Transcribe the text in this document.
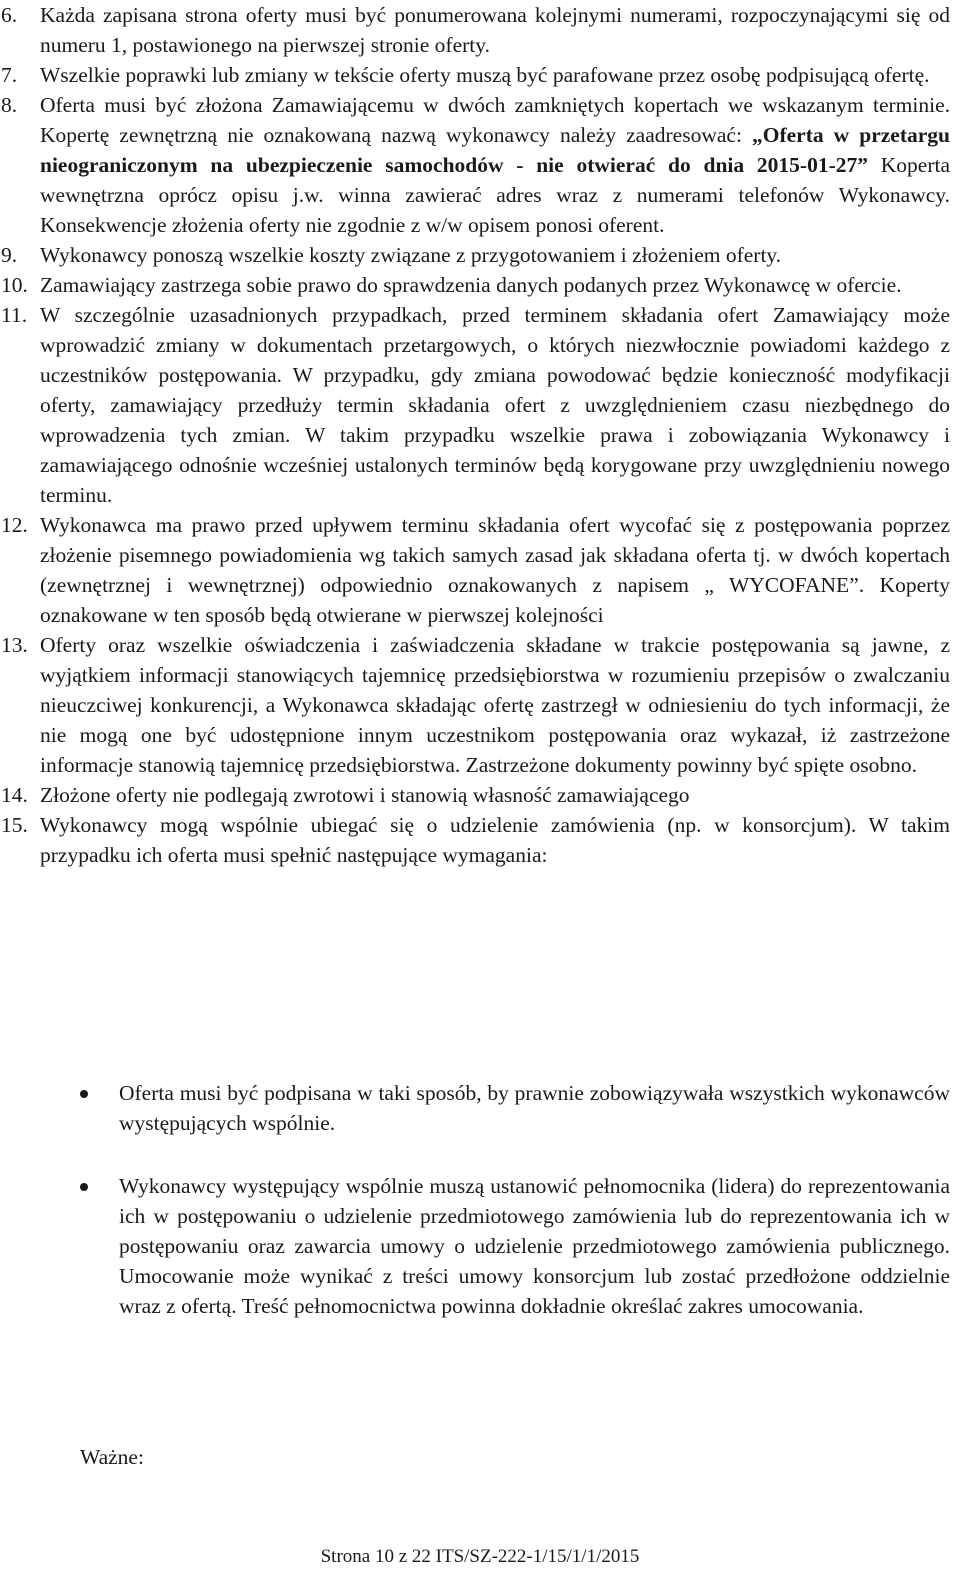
6. Każda zapisana strona oferty musi być ponumerowana kolejnymi numerami, rozpoczynającymi się od numeru 1, postawionego na pierwszej stronie oferty.
7. Wszelkie poprawki lub zmiany w tekście oferty muszą być parafowane przez osobę podpisującą ofertę.
8. Oferta musi być złożona Zamawiającemu w dwóch zamkniętych kopertach we wskazanym terminie. Kopertę zewnętrzną nie oznakowaną nazwą wykonawcy należy zaadresować: „Oferta w przetargu nieograniczonym na ubezpieczenie samochodów - nie otwierać do dnia 2015-01-27” Koperta wewnętrzna oprócz opisu j.w. winna zawierać adres wraz z numerami telefonów Wykonawcy. Konsekwencje złożenia oferty nie zgodnie z w/w opisem ponosi oferent.
9. Wykonawcy ponoszą wszelkie koszty związane z przygotowaniem i złożeniem oferty.
10. Zamawiający zastrzega sobie prawo do sprawdzenia danych podanych przez Wykonawcę w ofercie.
11. W szczególnie uzasadnionych przypadkach, przed terminem składania ofert Zamawiający może wprowadzić zmiany w dokumentach przetargowych, o których niezwłocznie powiadomi każdego z uczestników postępowania. W przypadku, gdy zmiana powodować będzie konieczność modyfikacji oferty, zamawiający przedłuży termin składania ofert z uwzględnieniem czasu niezbędnego do wprowadzenia tych zmian. W takim przypadku wszelkie prawa i zobowiązania Wykonawcy i zamawiającego odnośnie wcześniej ustalonych terminów będą korygowane przy uwzględnieniu nowego terminu.
12. Wykonawca ma prawo przed upływem terminu składania ofert wycofać się z postępowania poprzez złożenie pisemnego powiadomienia wg takich samych zasad jak składana oferta tj. w dwóch kopertach (zewnętrznej i wewnętrznej) odpowiednio oznakowanych z napisem „ WYCOFANE”. Koperty oznakowane w ten sposób będą otwierane w pierwszej kolejności
13. Oferty oraz wszelkie oświadczenia i zaświadczenia składane w trakcie postępowania są jawne, z wyjątkiem informacji stanowiących tajemnicę przedsiębiorstwa w rozumieniu przepisów o zwalczaniu nieuczciwej konkurencji, a Wykonawca składając ofertę zastrzegł w odniesieniu do tych informacji, że nie mogą one być udostępnione innym uczestnikom postępowania oraz wykazał, iż zastrzeżone informacje stanowią tajemnicę przedsiębiorstwa. Zastrzeżone dokumenty powinny być spięte osobno.
14. Złożone oferty nie podlegają zwrotowi i stanowią własność zamawiającego
15. Wykonawcy mogą wspólnie ubiegać się o udzielenie zamówienia (np. w konsorcjum). W takim przypadku ich oferta musi spełnić następujące wymagania:
Oferta musi być podpisana w taki sposób, by prawnie zobowiązywała wszystkich wykonawców występujących wspólnie.
Wykonawcy występujący wspólnie muszą ustanowić pełnomocnika (lidera) do reprezentowania ich w postępowaniu o udzielenie przedmiotowego zamówienia lub do reprezentowania ich w postępowaniu oraz zawarcia umowy o udzielenie przedmiotowego zamówienia publicznego. Umocowanie może wynikać z treści umowy konsorcjum lub zostać przedłożone oddzielnie wraz z ofertą. Treść pełnomocnictwa powinna dokładnie określać zakres umocowania.
Ważne:
Strona 10 z 22 ITS/SZ-222-1/15/1/1/2015
